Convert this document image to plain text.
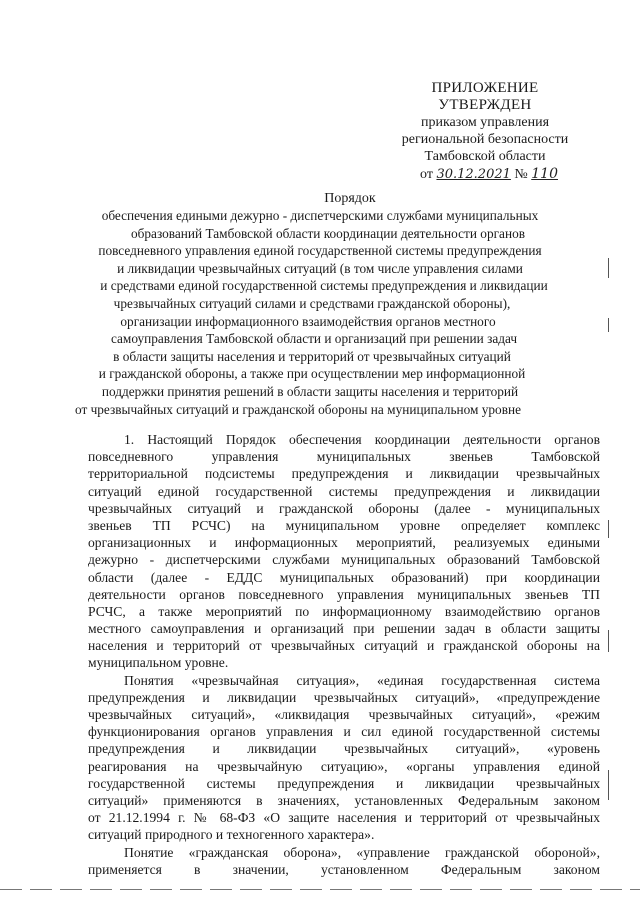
ПРИЛОЖЕНИЕ
УТВЕРЖДЕН
приказом управления
региональной безопасности
Тамбовской области
от 30.12.2021 № 110
Порядок
обеспечения едиными дежурно - диспетчерскими службами муниципальных
образований Тамбовской области координации деятельности органов
повседневного управления единой государственной системы предупреждения
и ликвидации чрезвычайных ситуаций (в том числе управления силами
и средствами единой государственной системы предупреждения и ликвидации
чрезвычайных ситуаций силами и средствами гражданской обороны),
организации информационного взаимодействия органов местного
самоуправления Тамбовской области и организаций при решении задач
в области защиты населения и территорий от чрезвычайных ситуаций
и гражданской обороны, а также при осуществлении мер информационной
поддержки принятия решений в области защиты населения и территорий
от чрезвычайных ситуаций и гражданской обороны на муниципальном уровне
1. Настоящий Порядок обеспечения координации деятельности органов
повседневного управления муниципальных звеньев Тамбовской
территориальной подсистемы предупреждения и ликвидации чрезвычайных
ситуаций единой государственной системы предупреждения и ликвидации
чрезвычайных ситуаций и гражданской обороны (далее - муниципальных
звеньев ТП РСЧС) на муниципальном уровне определяет комплекс
организационных и информационных мероприятий, реализуемых едиными
дежурно - диспетчерскими службами муниципальных образований Тамбовской
области (далее - ЕДДС муниципальных образований) при координации
деятельности органов повседневного управления муниципальных звеньев ТП
РСЧС, а также мероприятий по информационному взаимодействию органов
местного самоуправления и организаций при решении задач в области защиты
населения и территорий от чрезвычайных ситуаций и гражданской обороны на
муниципальном уровне.
Понятия «чрезвычайная ситуация», «единая государственная система
предупреждения и ликвидации чрезвычайных ситуаций», «предупреждение
чрезвычайных ситуаций», «ликвидация чрезвычайных ситуаций», «режим
функционирования органов управления и сил единой государственной системы
предупреждения и ликвидации чрезвычайных ситуаций», «уровень
реагирования на чрезвычайную ситуацию», «органы управления единой
государственной системы предупреждения и ликвидации чрезвычайных
ситуаций» применяются в значениях, установленных Федеральным законом
от 21.12.1994 г. № 68-ФЗ «О защите населения и территорий от чрезвычайных
ситуаций природного и техногенного характера».
Понятие «гражданская оборона», «управление гражданской обороной»,
применяется в значении, установленном Федеральным законом
